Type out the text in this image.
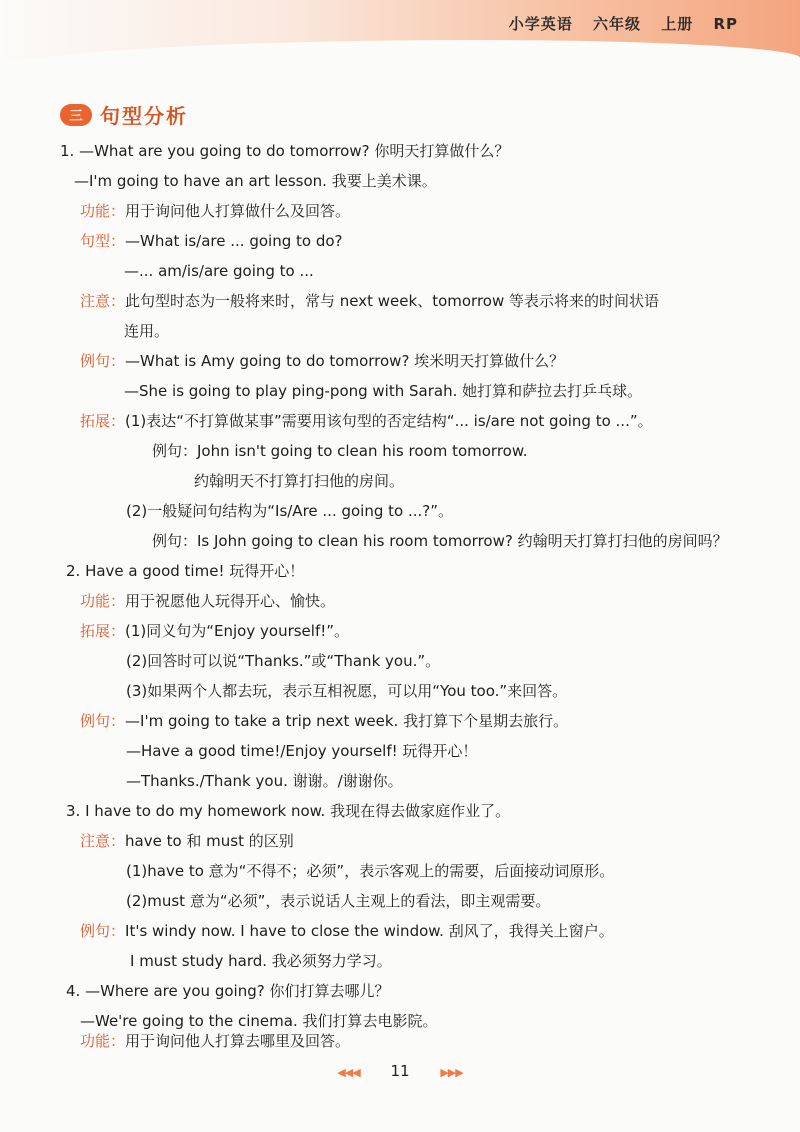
小学英语 六年级 上册 RP
三 句型分析
1. —What are you going to do tomorrow? 你明天打算做什么？
—I'm going to have an art lesson. 我要上美术课。
功能：用于询问他人打算做什么及回答。
句型：—What is/are ... going to do?
—... am/is/are going to ...
注意：此句型时态为一般将来时，常与 next week、tomorrow 等表示将来的时间状语
连用。
例句：—What is Amy going to do tomorrow? 埃米明天打算做什么？
—She is going to play ping-pong with Sarah. 她打算和萨拉去打乒乓球。
拓展：(1)表达“不打算做某事”需要用该句型的否定结构“... is/are not going to ...”。
例句：John isn't going to clean his room tomorrow.
约翰明天不打算打扫他的房间。
(2)一般疑问句结构为“Is/Are ... going to ...?”。
例句：Is John going to clean his room tomorrow? 约翰明天打算打扫他的房间吗？
2. Have a good time! 玩得开心！
功能：用于祝愿他人玩得开心、愉快。
拓展：(1)同义句为“Enjoy yourself!”。
(2)回答时可以说“Thanks.”或“Thank you.”。
(3)如果两个人都去玩，表示互相祝愿，可以用“You too.”来回答。
例句：—I'm going to take a trip next week. 我打算下个星期去旅行。
—Have a good time!/Enjoy yourself! 玩得开心！
—Thanks./Thank you. 谢谢。/谢谢你。
3. I have to do my homework now. 我现在得去做家庭作业了。
注意：have to 和 must 的区别
(1)have to 意为“不得不；必须”，表示客观上的需要，后面接动词原形。
(2)must 意为“必须”，表示说话人主观上的看法，即主观需要。
例句：It's windy now. I have to close the window. 刮风了，我得关上窗户。
I must study hard. 我必须努力学习。
4. —Where are you going? 你们打算去哪儿？
—We're going to the cinema. 我们打算去电影院。
功能：用于询问他人打算去哪里及回答。
◀◀◀ 11	▶▶▶
